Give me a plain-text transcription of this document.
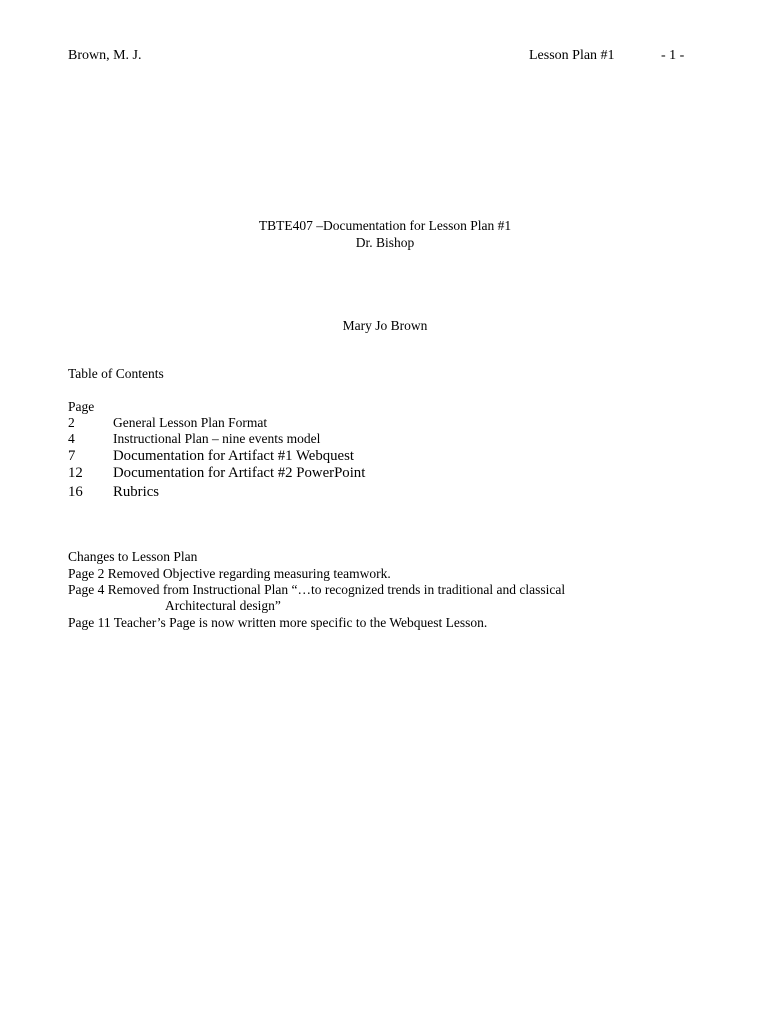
Brown, M. J.	Lesson Plan #1	- 1 -
TBTE407 –Documentation for Lesson Plan #1
Dr. Bishop
Mary Jo Brown
Table of Contents
Page
2	General Lesson Plan Format
4	Instructional Plan – nine events model
7	Documentation for Artifact #1 Webquest
12 Documentation for Artifact #2 PowerPoint
16 Rubrics
Changes to Lesson Plan
Page 2 Removed Objective regarding measuring teamwork.
Page 4 Removed from Instructional Plan “…to recognized trends in traditional and classical
Architectural design”
Page 11 Teacher’s Page is now written more specific to the Webquest Lesson.
